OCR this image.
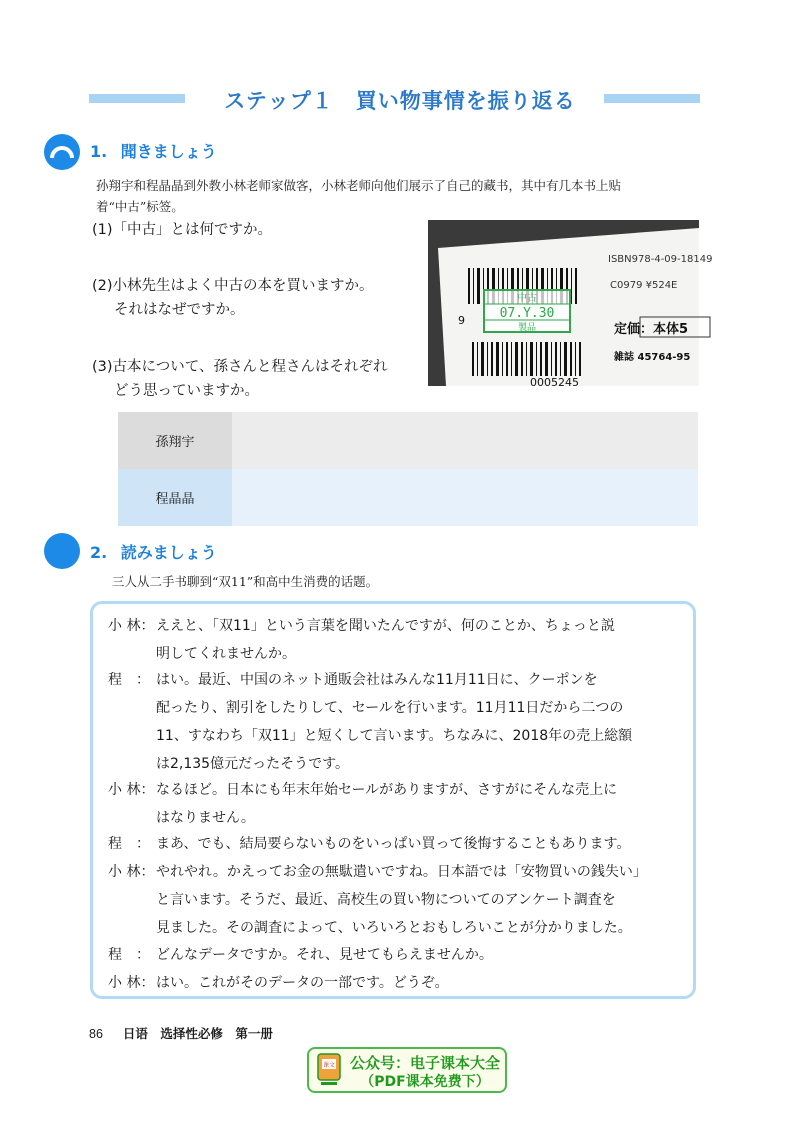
ステップ１　買い物事情を振り返る
1. 聞きましょう
孙翔宇和程晶晶到外教小林老师家做客，小林老师向他们展示了自己的藏书，其中有几本书上贴
着“中古”标签。
(1)「中古」とは何ですか。
(2)小林先生はよく中古の本を買いますか。
それはなぜですか。
(3)古本について、孫さんと程さんはそれぞれ
どう思っていますか。
中古
07.Y.30
製品
9
ISBN978-4-09-18149
C0979 ¥524E
定価：本体5
雑誌 45764-95
0005245
孫翔宇	
程晶晶	
2. 読みましょう
三人从二手书聊到“双11”和高中生消费的话题。
小 林： ええと、「双11」という言葉を聞いたんですが、何のことか、ちょっと説
明してくれませんか。
程　： はい。最近、中国のネット通販会社はみんな11月11日に、クーポンを
配ったり、割引をしたりして、セールを行います。11月11日だから二つの
11、すなわち「双11」と短くして言います。ちなみに、2018年の売上総額
は2,135億元だったそうです。
小 林： なるほど。日本にも年末年始セールがありますが、さすがにそんな売上に
はなりません。
程　： まあ、でも、結局要らないものをいっぱい買って後悔することもあります。
小 林： やれやれ。かえってお金の無駄遣いですね。日本語では「安物買いの銭失い」
と言います。そうだ、最近、高校生の買い物についてのアンケート調査を
見ました。その調査によって、いろいろとおもしろいことが分かりました。
程　： どんなデータですか。それ、見せてもらえませんか。
小 林： はい。これがそのデータの一部です。どうぞ。
86 日语　选择性必修　第一册
课文 公众号：电子课本大全
（PDF课本免费下）
